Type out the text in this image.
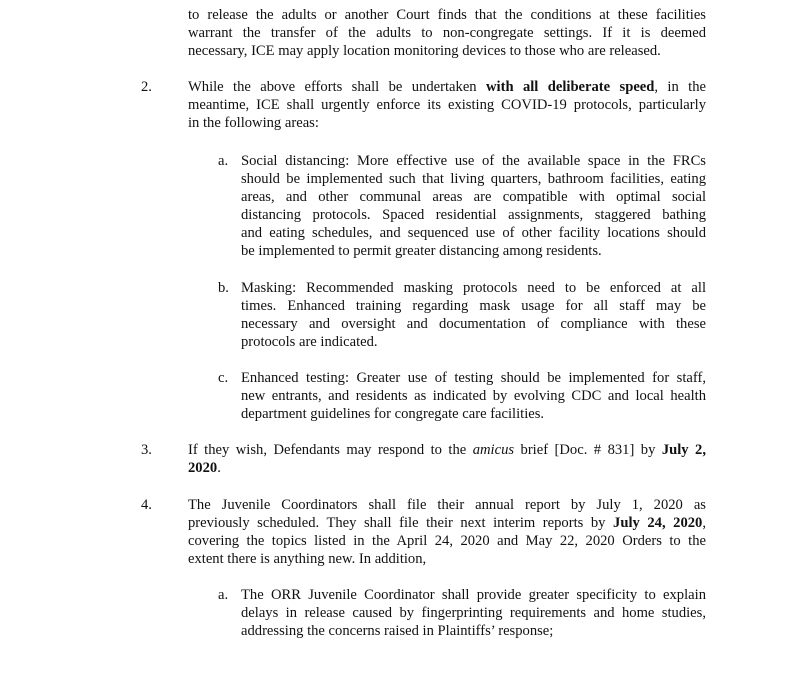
to release the adults or another Court finds that the conditions at these facilities
warrant the transfer of the adults to non-congregate settings. If it is deemed
necessary, ICE may apply location monitoring devices to those who are released.
2. While the above efforts shall be undertaken with all deliberate speed, in the
meantime, ICE shall urgently enforce its existing COVID-19 protocols, particularly
in the following areas:
a. Social distancing: More effective use of the available space in the FRCs
should be implemented such that living quarters, bathroom facilities, eating
areas, and other communal areas are compatible with optimal social
distancing protocols. Spaced residential assignments, staggered bathing
and eating schedules, and sequenced use of other facility locations should
be implemented to permit greater distancing among residents.
b. Masking: Recommended masking protocols need to be enforced at all
times. Enhanced training regarding mask usage for all staff may be
necessary and oversight and documentation of compliance with these
protocols are indicated.
c. Enhanced testing: Greater use of testing should be implemented for staff,
new entrants, and residents as indicated by evolving CDC and local health
department guidelines for congregate care facilities.
3. If they wish, Defendants may respond to the amicus brief [Doc. # 831] by July 2,
2020.
4. The Juvenile Coordinators shall file their annual report by July 1, 2020 as
previously scheduled. They shall file their next interim reports by July 24, 2020,
covering the topics listed in the April 24, 2020 and May 22, 2020 Orders to the
extent there is anything new. In addition,
a. The ORR Juvenile Coordinator shall provide greater specificity to explain
delays in release caused by fingerprinting requirements and home studies,
addressing the concerns raised in Plaintiffs’ response;
